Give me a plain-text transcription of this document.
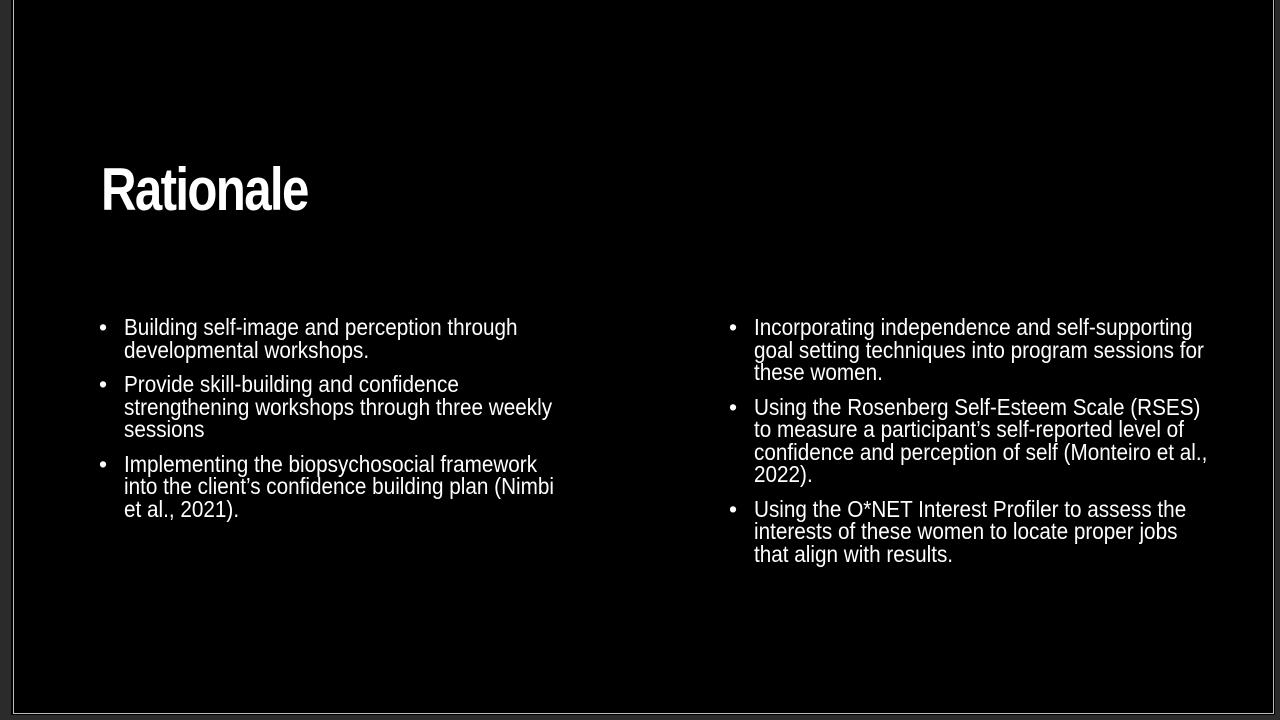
Rationale
• Building self-image and perception through developmental workshops.
• Provide skill-building and confidence strengthening workshops through three weekly sessions
• Implementing the biopsychosocial framework into the client’s confidence building plan (Nimbi et al., 2021).
• Incorporating independence and self-supporting goal setting techniques into program sessions for these women.
• Using the Rosenberg Self-Esteem Scale (RSES) to measure a participant’s self-reported level of confidence and perception of self (Monteiro et al., 2022).
• Using the O*NET Interest Profiler to assess the interests of these women to locate proper jobs that align with results.
